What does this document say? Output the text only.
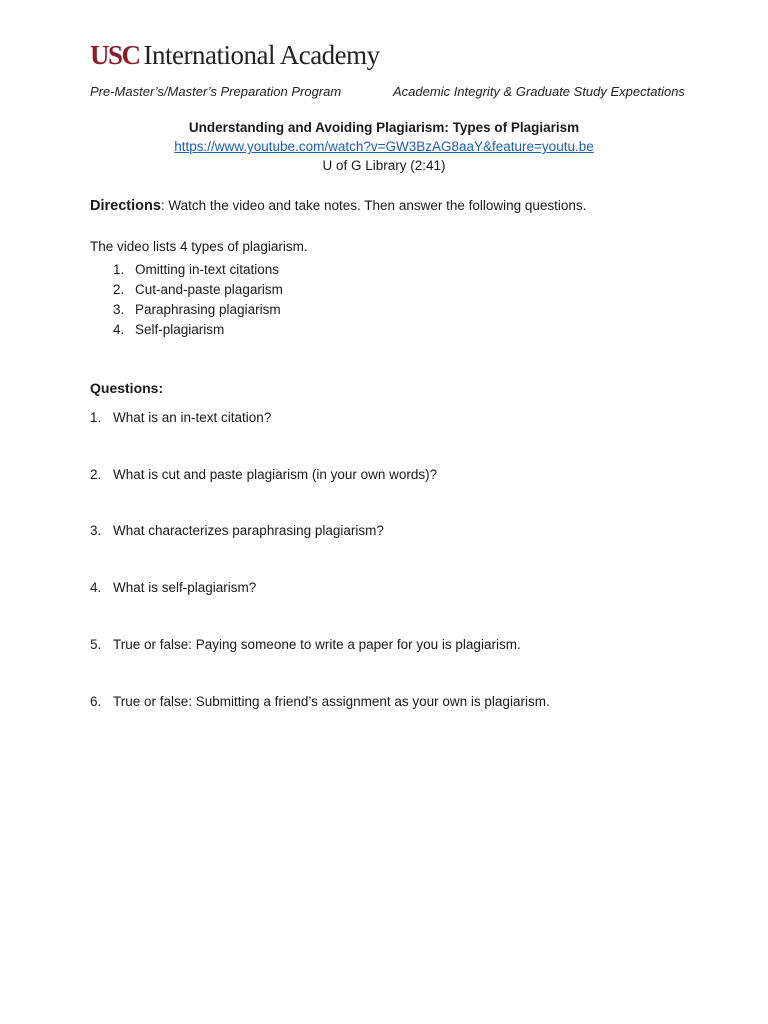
USC International Academy
Pre-Master’s/Master’s Preparation Program	Academic Integrity & Graduate Study Expectations
Understanding and Avoiding Plagiarism: Types of Plagiarism
https://www.youtube.com/watch?v=GW3BzAG8aaY&feature=youtu.be
U of G Library (2:41)
Directions: Watch the video and take notes. Then answer the following questions.
The video lists 4 types of plagiarism.
1. Omitting in-text citations
2. Cut-and-paste plagarism
3. Paraphrasing plagiarism
4. Self-plagiarism
Questions:
1. What is an in-text citation?
2. What is cut and paste plagiarism (in your own words)?
3. What characterizes paraphrasing plagiarism?
4. What is self-plagiarism?
5. True or false: Paying someone to write a paper for you is plagiarism.
6. True or false: Submitting a friend’s assignment as your own is plagiarism.
